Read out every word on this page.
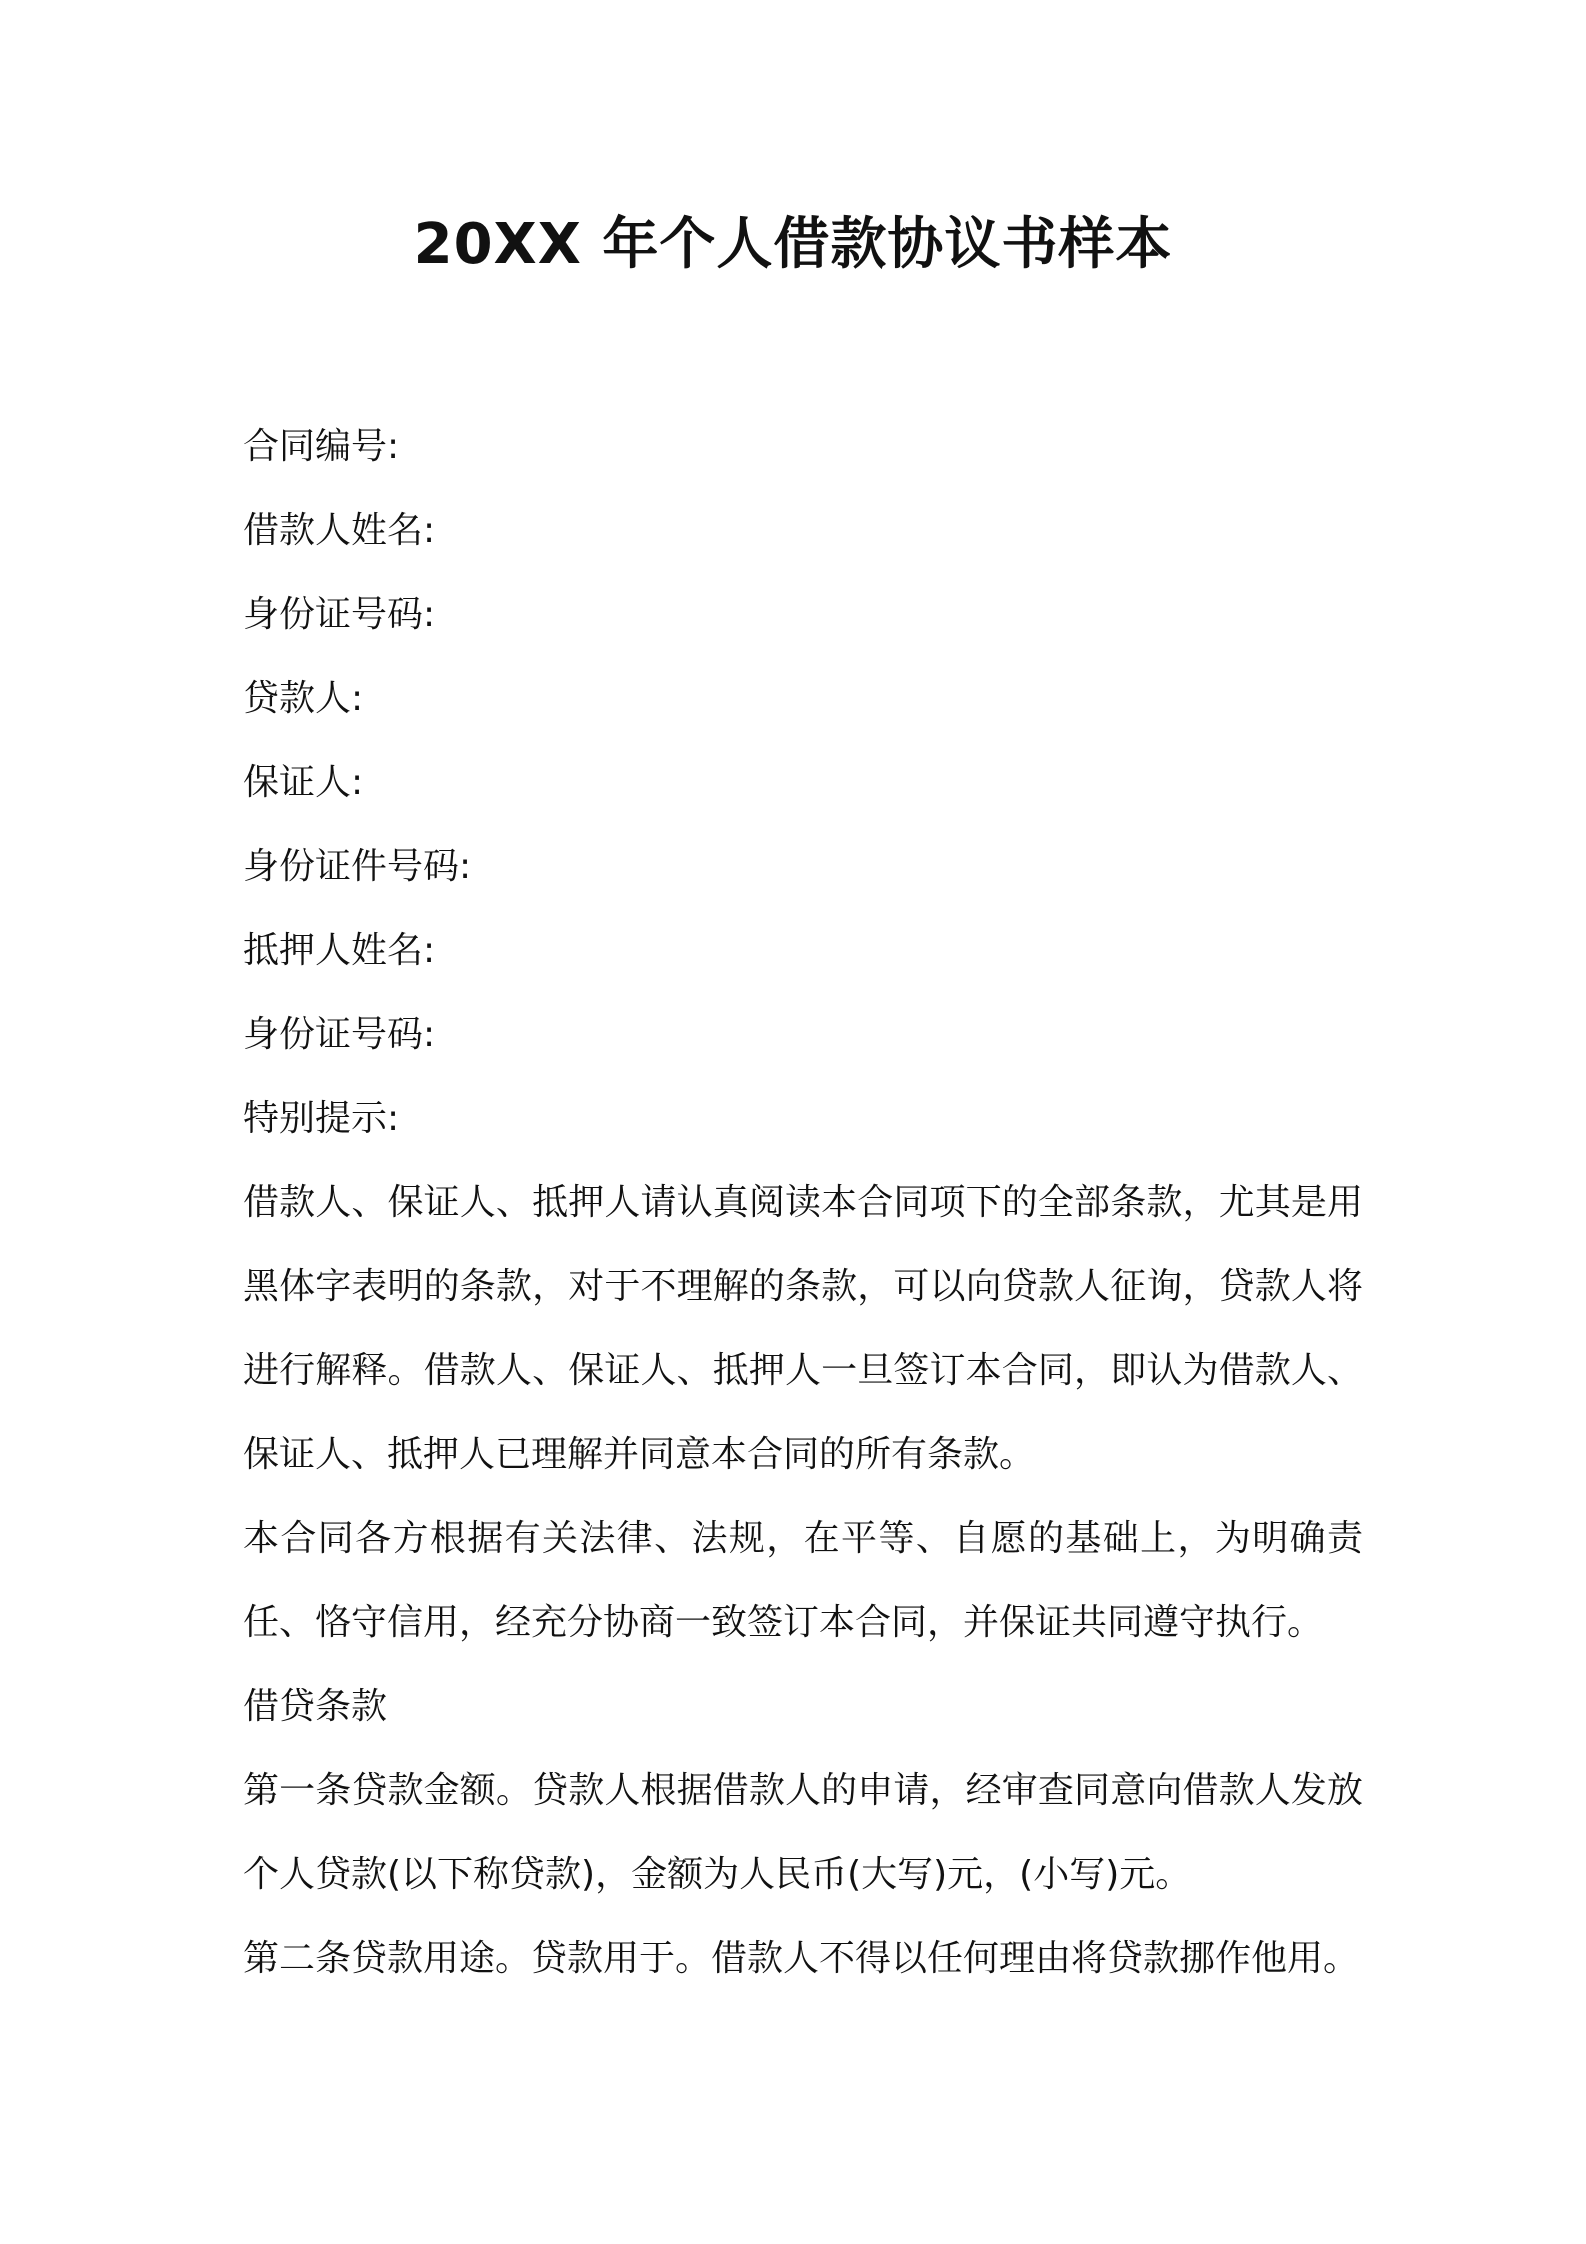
20XX 年个人借款协议书样本

合同编号:

借款人姓名:

身份证号码:

贷款人:

保证人:

身份证件号码:

抵押人姓名:

身份证号码:

特别提示:

借款人、保证人、抵押人请认真阅读本合同项下的全部条款，尤其是用黑体字表明的条款，对于不理解的条款，可以向贷款人征询，贷款人将进行解释。借款人、保证人、抵押人一旦签订本合同，即认为借款人、保证人、抵押人已理解并同意本合同的所有条款。

本合同各方根据有关法律、法规，在平等、自愿的基础上，为明确责任、恪守信用，经充分协商一致签订本合同，并保证共同遵守执行。

借贷条款

第一条贷款金额。贷款人根据借款人的申请，经审查同意向借款人发放个人贷款(以下称贷款)，金额为人民币(大写)元，(小写)元。

第二条贷款用途。贷款用于。借款人不得以任何理由将贷款挪作他用。
